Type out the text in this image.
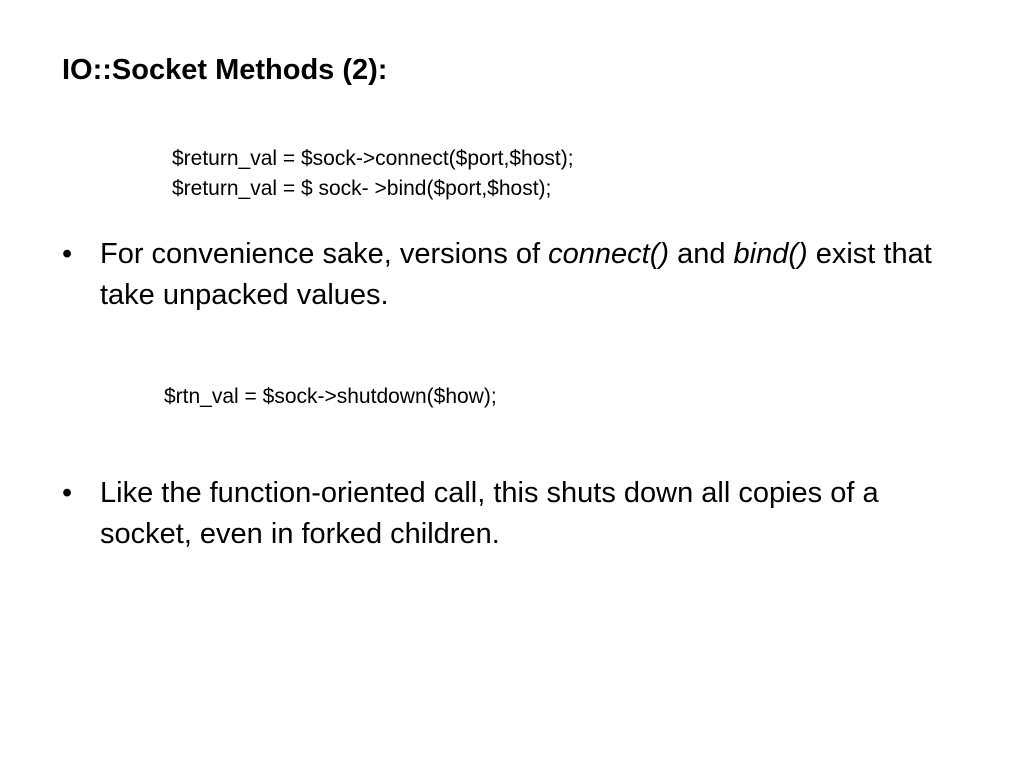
IO::Socket Methods (2):
$return_val = $sock->connect($port,$host);
$return_val = $ sock- >bind($port,$host);
• For convenience sake, versions of connect() and bind() exist that take unpacked values.
$rtn_val = $sock->shutdown($how);
• Like the function-oriented call, this shuts down all copies of a socket, even in forked children.
